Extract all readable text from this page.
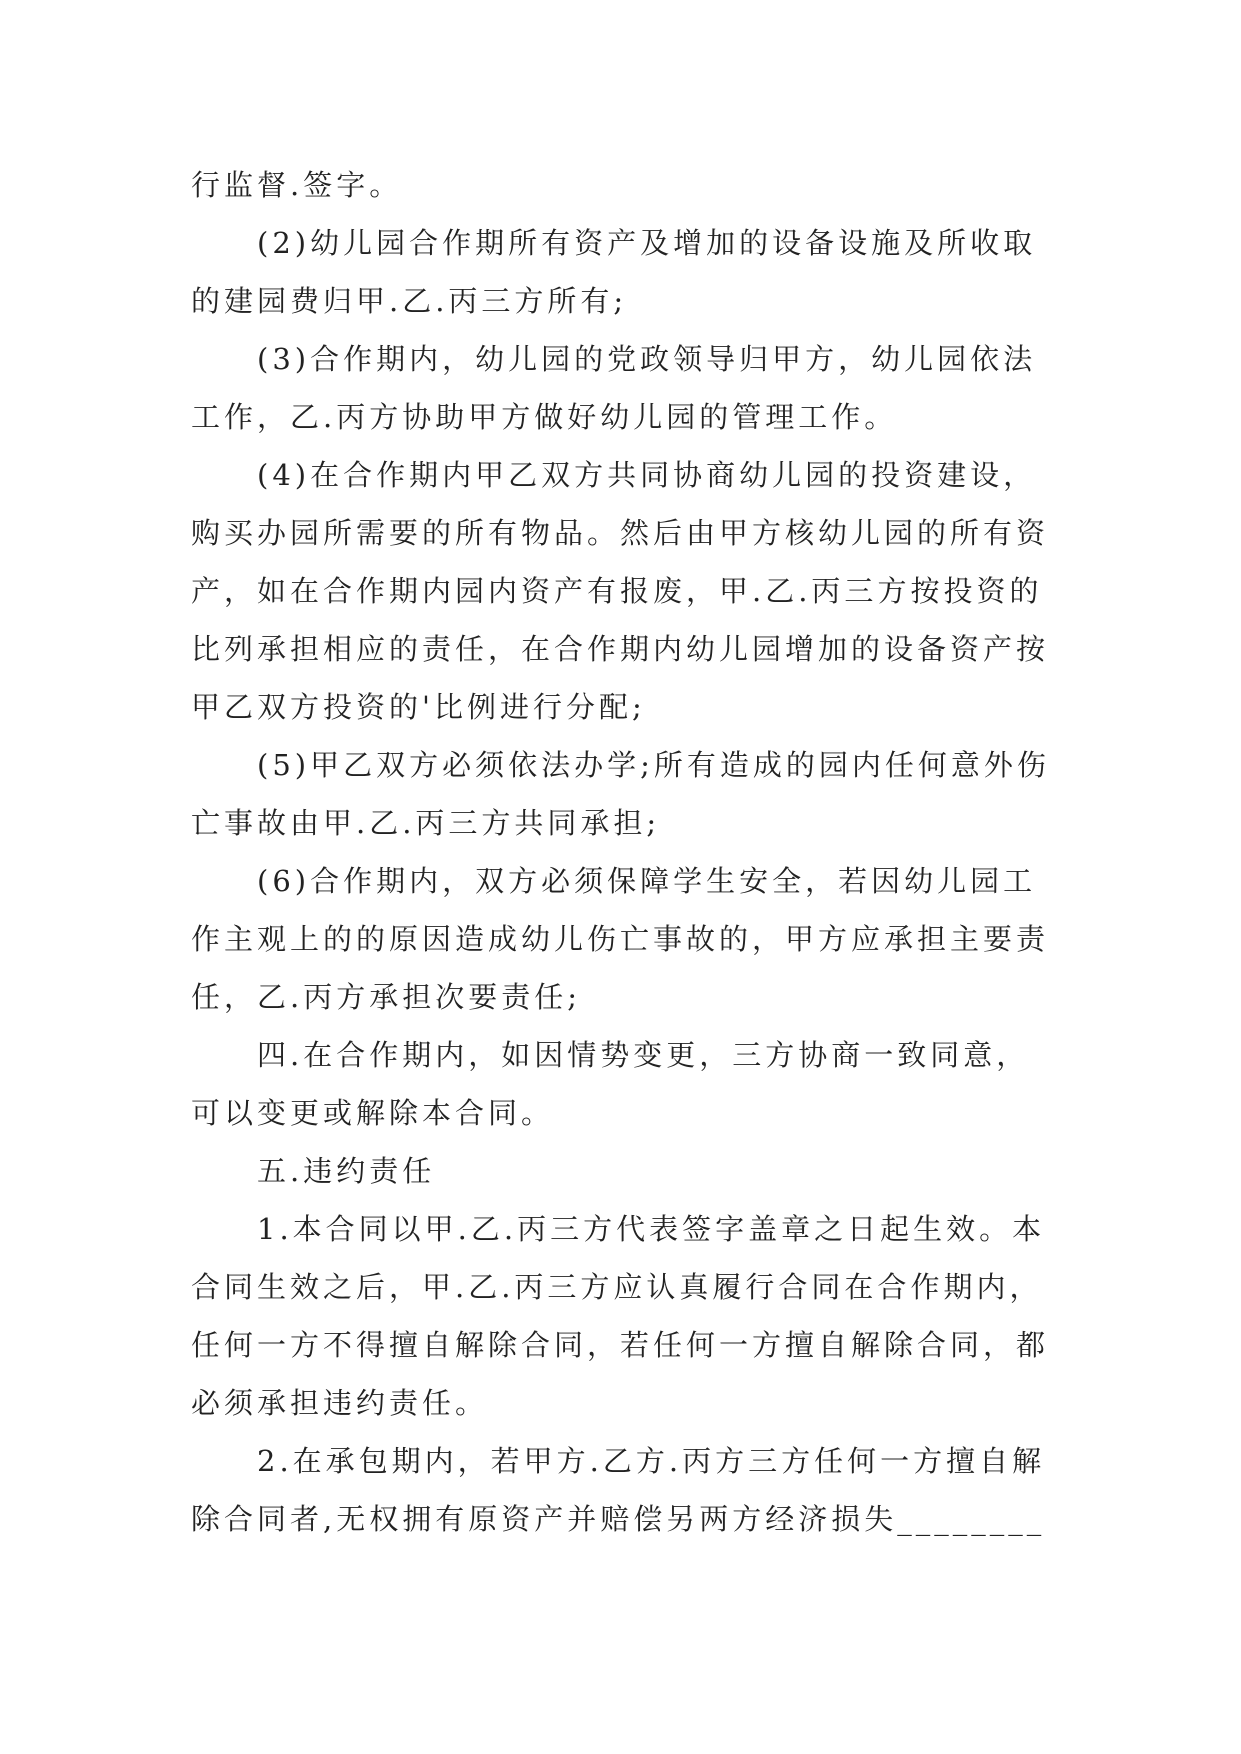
行监督.签字。
(2)幼儿园合作期所有资产及增加的设备设施及所收取
的建园费归甲.乙.丙三方所有;
(3)合作期内，幼儿园的党政领导归甲方，幼儿园依法
工作，乙.丙方协助甲方做好幼儿园的管理工作。
(4)在合作期内甲乙双方共同协商幼儿园的投资建设，
购买办园所需要的所有物品。然后由甲方核幼儿园的所有资
产，如在合作期内园内资产有报废，甲.乙.丙三方按投资的
比列承担相应的责任，在合作期内幼儿园增加的设备资产按
甲乙双方投资的'比例进行分配;
(5)甲乙双方必须依法办学;所有造成的园内任何意外伤
亡事故由甲.乙.丙三方共同承担;
(6)合作期内，双方必须保障学生安全，若因幼儿园工
作主观上的的原因造成幼儿伤亡事故的，甲方应承担主要责
任，乙.丙方承担次要责任;
四.在合作期内，如因情势变更，三方协商一致同意，
可以变更或解除本合同。
五.违约责任
1.本合同以甲.乙.丙三方代表签字盖章之日起生效。本
合同生效之后，甲.乙.丙三方应认真履行合同在合作期内，
任何一方不得擅自解除合同，若任何一方擅自解除合同，都
必须承担违约责任。
2.在承包期内，若甲方.乙方.丙方三方任何一方擅自解
除合同者,无权拥有原资产并赔偿另两方经济损失________
